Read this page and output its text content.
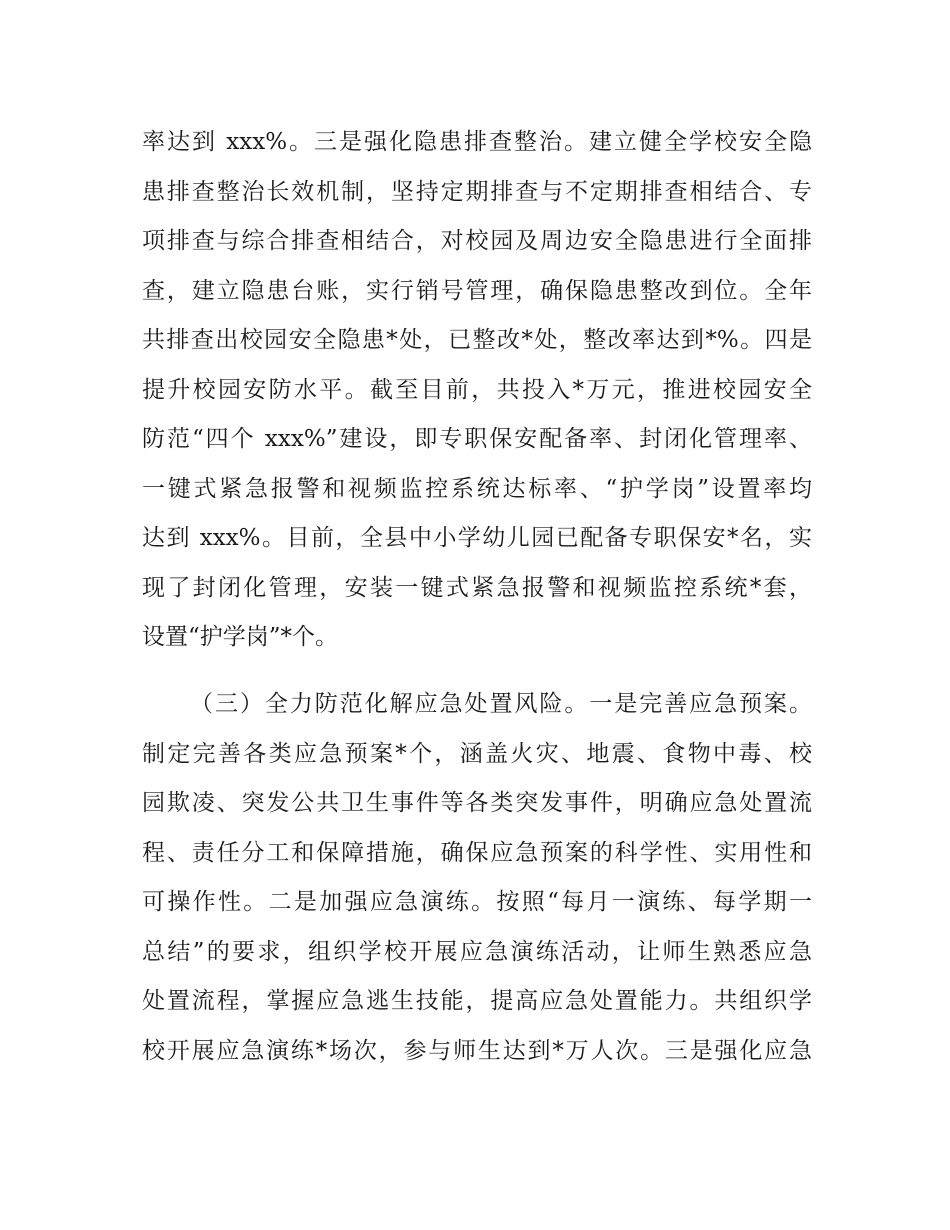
率达到 xxx%。三是强化隐患排查整治。建立健全学校安全隐
患排查整治长效机制，坚持定期排查与不定期排查相结合、专
项排查与综合排查相结合，对校园及周边安全隐患进行全面排
查，建立隐患台账，实行销号管理，确保隐患整改到位。全年
共排查出校园安全隐患*处，已整改*处，整改率达到*%。四是
提升校园安防水平。截至目前，共投入*万元，推进校园安全
防范“四个 xxx%”建设，即专职保安配备率、封闭化管理率、
一键式紧急报警和视频监控系统达标率、“护学岗”设置率均
达到 xxx%。目前，全县中小学幼儿园已配备专职保安*名，实
现了封闭化管理，安装一键式紧急报警和视频监控系统*套，
设置“护学岗”*个。

（三）全力防范化解应急处置风险。一是完善应急预案。
制定完善各类应急预案*个，涵盖火灾、地震、食物中毒、校
园欺凌、突发公共卫生事件等各类突发事件，明确应急处置流
程、责任分工和保障措施，确保应急预案的科学性、实用性和
可操作性。二是加强应急演练。按照“每月一演练、每学期一
总结”的要求，组织学校开展应急演练活动，让师生熟悉应急
处置流程，掌握应急逃生技能，提高应急处置能力。共组织学
校开展应急演练*场次，参与师生达到*万人次。三是强化应急
